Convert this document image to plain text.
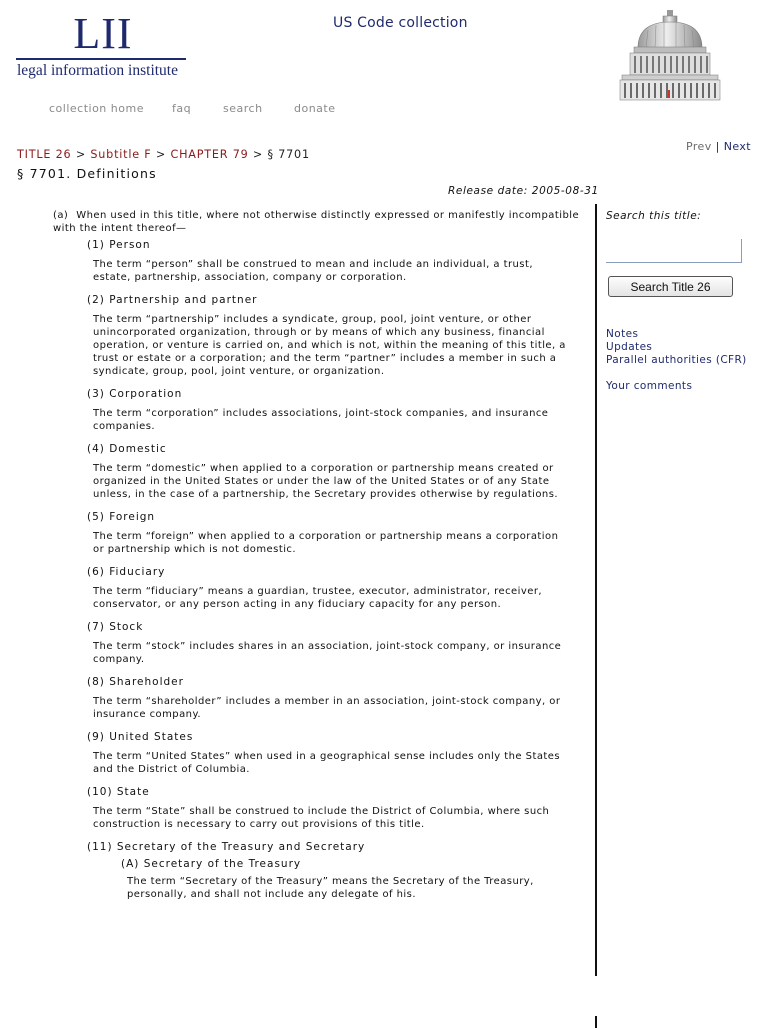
LII
legal information institute
US Code collection
collection home	faq	search	donate
Prev | Next
TITLE 26 > Subtitle F > CHAPTER 79 > § 7701
§ 7701. Definitions
Release date: 2005-08-31

(a) When used in this title, where not otherwise distinctly expressed or manifestly incompatible with the intent thereof—

(1) Person
The term “person” shall be construed to mean and include an individual, a trust, estate, partnership, association, company or corporation.
(2) Partnership and partner
The term “partnership” includes a syndicate, group, pool, joint venture, or other unincorporated organization, through or by means of which any business, financial operation, or venture is carried on, and which is not, within the meaning of this title, a trust or estate or a corporation; and the term “partner” includes a member in such a syndicate, group, pool, joint venture, or organization.
(3) Corporation
The term “corporation” includes associations, joint-stock companies, and insurance companies.
(4) Domestic
The term “domestic” when applied to a corporation or partnership means created or organized in the United States or under the law of the United States or of any State unless, in the case of a partnership, the Secretary provides otherwise by regulations.
(5) Foreign
The term “foreign” when applied to a corporation or partnership means a corporation or partnership which is not domestic.
(6) Fiduciary
The term “fiduciary” means a guardian, trustee, executor, administrator, receiver, conservator, or any person acting in any fiduciary capacity for any person.
(7) Stock
The term “stock” includes shares in an association, joint-stock company, or insurance company.
(8) Shareholder
The term “shareholder” includes a member in an association, joint-stock company, or insurance company.
(9) United States
The term “United States” when used in a geographical sense includes only the States and the District of Columbia.
(10) State
The term “State” shall be construed to include the District of Columbia, where such construction is necessary to carry out provisions of this title.
(11) Secretary of the Treasury and Secretary
(A) Secretary of the Treasury
The term “Secretary of the Treasury” means the Secretary of the Treasury, personally, and shall not include any delegate of his.
Search this title:
Search Title 26
Notes
Updates
Parallel authorities (CFR)
Your comments
